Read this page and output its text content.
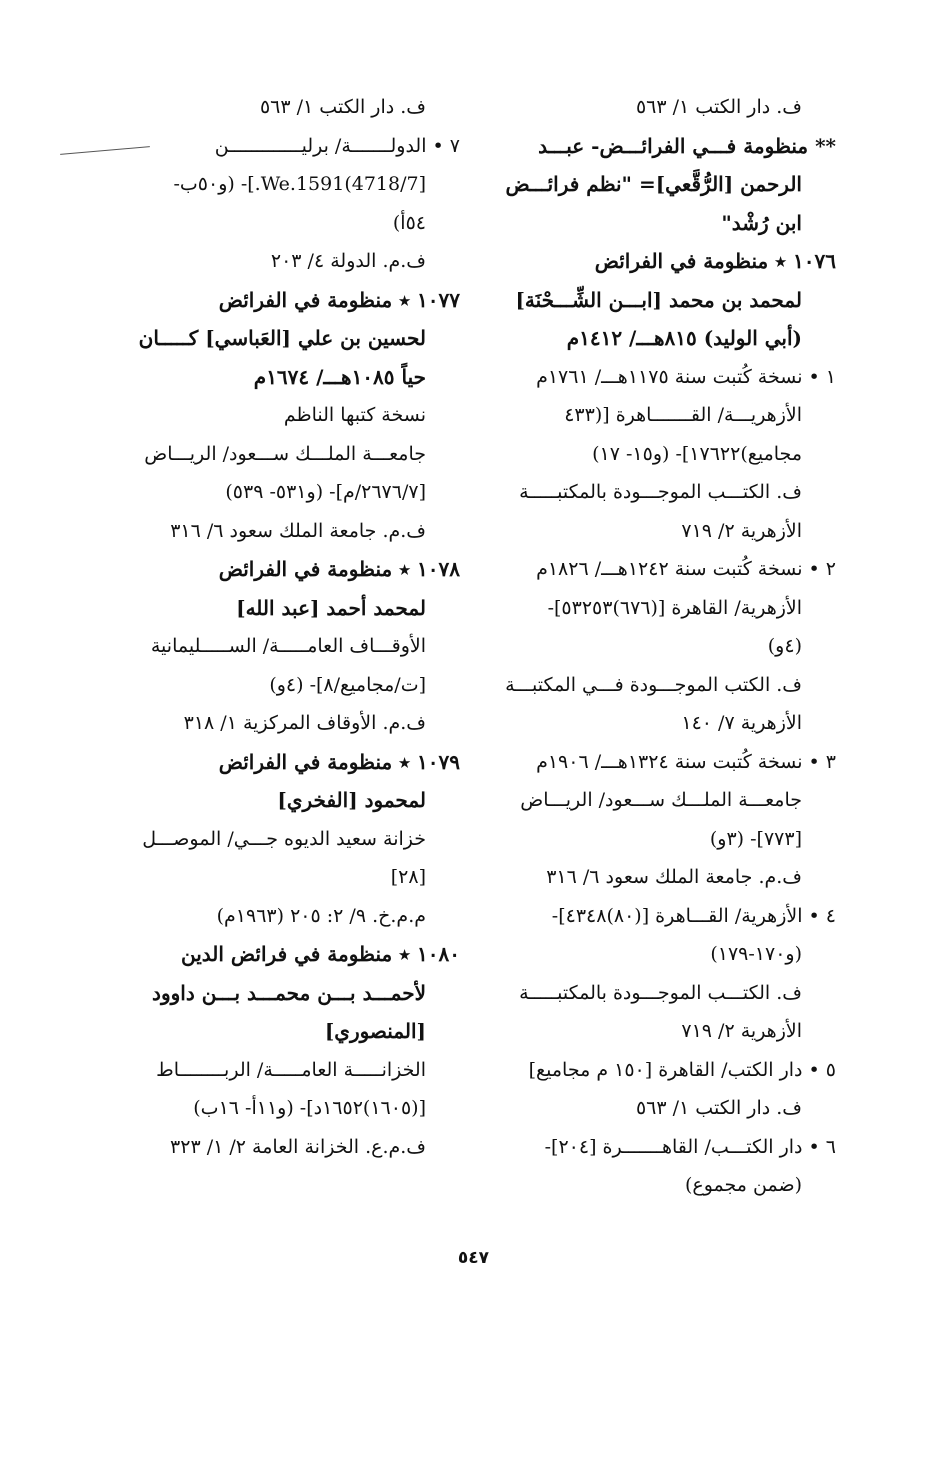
ف. دار الكتب ١/ ٥٦٣
** منظومة فـــي الفرائـــض- عبـــد
الرحمن [الرُّقَّعي]= "نظم فرائـــض
ابن رُشْد"
١٠٧٦ ٭ منظومة في الفرائض
لمحمد بن محمد [ابـــن الشِّـــحْنَة]
(أبي الوليد) ٨١٥هـــ/ ١٤١٢م
١ • نسخة كُتبت سنة ١١٧٥هـــ/ ١٧٦١م
الأزهريـــة/ القـــــــاهرة [(٤٣٣
مجاميع)١٧٦٢٢]- (و١٥- ١٧)
ف. الكتـــب الموجـــودة بالمكتبـــــة
الأزهرية ٢/ ٧١٩
٢ • نسخة كُتبت سنة ١٢٤٢هـــ/ ١٨٢٦م
الأزهرية/ القاهرة [(٦٧٦)٥٣٢٥٣]-
(٤و)
ف. الكتب الموجـــودة فـــي المكتبـــة
الأزهرية ٧/ ١٤٠
٣ • نسخة كُتبت سنة ١٣٢٤هـــ/ ١٩٠٦م
جامعـــة الملـــك ســـعود/ الريـــاض
[٧٧٣]- (٣و)
ف.م. جامعة الملك سعود ٦/ ٣١٦
٤ • الأزهرية/ القـــاهرة [(٨٠)٤٣٤٨]-
(و١٧٠-١٧٩)
ف. الكتـــب الموجـــودة بالمكتبـــــة
الأزهرية ٢/ ٧١٩
٥ • دار الكتب/ القاهرة [١٥٠ م مجاميع]
ف. دار الكتب ١/ ٥٦٣
٦ • دار الكتـــب/ القاهـــــــرة [٢٠٤]-
(ضمن مجموع)
ف. دار الكتب ١/ ٥٦٣
٧ • الدولـــــــة/ برليـــــــــــــن
[4718/7)We.1591.]- (و٥٠ب-
٥٤أ)
ف.م. الدولة ٤/ ٢٠٣
١٠٧٧ ٭ منظومة في الفرائض
لحسين بن علي [العَباسي] كـــــان
حياً ١٠٨٥هـــ/ ١٦٧٤م
نسخة كتبها الناظم
جامعـــة الملـــك ســـعود/ الريـــاض
[٢٦٧٦/٧/م]- (و٥٣١- ٥٣٩)
ف.م. جامعة الملك سعود ٦/ ٣١٦
١٠٧٨ ٭ منظومة في الفرائض
لمحمد أحمد [عبد الله]
الأوقـــاف العامـــــة/ الســـــليمانية
[ت/مجاميع/٨]- (٤و)
ف.م. الأوقاف المركزية ١/ ٣١٨
١٠٧٩ ٭ منظومة في الفرائض
لمحمود [الفخري]
خزانة سعيد الديوه جـــي/ الموصـــل
[٢٨]
م.م.خ. ٩/ ٢: ٢٠٥ (١٩٦٣م)
١٠٨٠ ٭ منظومة في فرائض الدين
لأحمـــد بـــن محمـــد بـــن داوود
[المنصوري]
الخزانـــــة العامـــــة/ الربــــــــاط
[(١٦٠٥)١٦٥٢د]- (و١١أ- ١٦ب)
ف.م.ع. الخزانة العامة ٢/ ١/ ٣٢٣
٥٤٧
